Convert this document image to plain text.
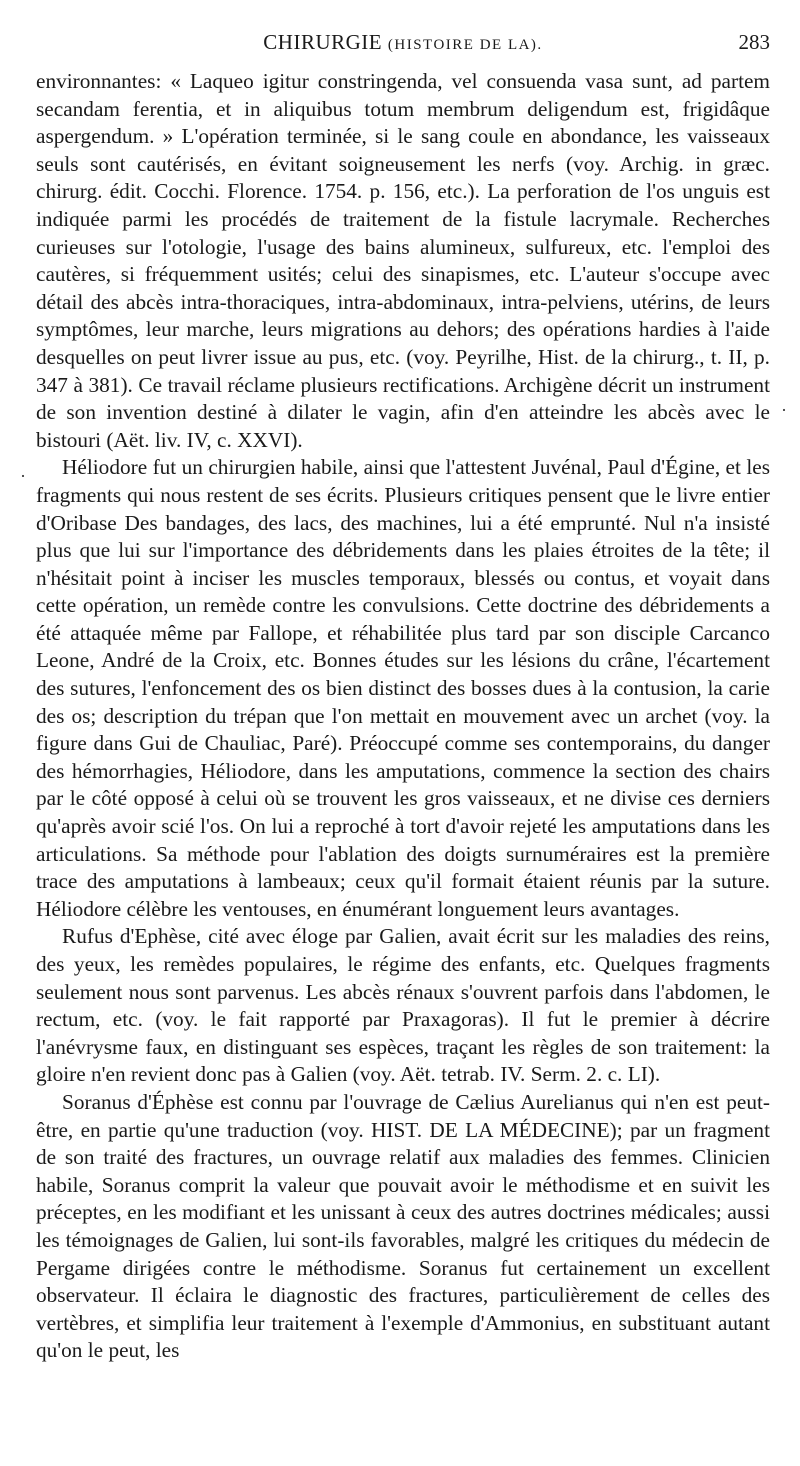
CHIRURGIE (HISTOIRE DE LA).	283

environnantes: « Laqueo igitur constringenda, vel consuenda vasa sunt, ad partem secandam ferentia, et in aliquibus totum membrum deligendum est, frigidâque aspergendum. » L'opération terminée, si le sang coule en abondance, les vaisseaux seuls sont cautérisés, en évitant soigneusement les nerfs (voy. Archig. in græc. chirurg. édit. Cocchi. Florence. 1754. p. 156, etc.). La perforation de l'os unguis est indiquée parmi les procédés de traitement de la fistule lacrymale. Recherches curieuses sur l'otologie, l'usage des bains alumineux, sulfureux, etc. l'emploi des cautères, si fréquemment usités; celui des sinapismes, etc. L'auteur s'occupe avec détail des abcès intra-thoraciques, intra-abdominaux, intra-pelviens, utérins, de leurs symptômes, leur marche, leurs migrations au dehors; des opérations hardies à l'aide desquelles on peut livrer issue au pus, etc. (voy. Peyrilhe, Hist. de la chirurg., t. II, p. 347 à 381). Ce travail réclame plusieurs rectifications. Archigène décrit un instrument de son invention destiné à dilater le vagin, afin d'en atteindre les abcès avec le bistouri (Aët. liv. IV, c. XXVI).

Héliodore fut un chirurgien habile, ainsi que l'attestent Juvénal, Paul d'Égine, et les fragments qui nous restent de ses écrits. Plusieurs critiques pensent que le livre entier d'Oribase Des bandages, des lacs, des machines, lui a été emprunté. Nul n'a insisté plus que lui sur l'importance des débridements dans les plaies étroites de la tête; il n'hésitait point à inciser les muscles temporaux, blessés ou contus, et voyait dans cette opération, un remède contre les convulsions. Cette doctrine des débridements a été attaquée même par Fallope, et réhabilitée plus tard par son disciple Carcanco Leone, André de la Croix, etc. Bonnes études sur les lésions du crâne, l'écartement des sutures, l'enfoncement des os bien distinct des bosses dues à la contusion, la carie des os; description du trépan que l'on mettait en mouvement avec un archet (voy. la figure dans Gui de Chauliac, Paré). Préoccupé comme ses contemporains, du danger des hémorrhagies, Héliodore, dans les amputations, commence la section des chairs par le côté opposé à celui où se trouvent les gros vaisseaux, et ne divise ces derniers qu'après avoir scié l'os. On lui a reproché à tort d'avoir rejeté les amputations dans les articulations. Sa méthode pour l'ablation des doigts surnuméraires est la première trace des amputations à lambeaux; ceux qu'il formait étaient réunis par la suture. Héliodore célèbre les ventouses, en énumérant longuement leurs avantages.

Rufus d'Ephèse, cité avec éloge par Galien, avait écrit sur les maladies des reins, des yeux, les remèdes populaires, le régime des enfants, etc. Quelques fragments seulement nous sont parvenus. Les abcès rénaux s'ouvrent parfois dans l'abdomen, le rectum, etc. (voy. le fait rapporté par Praxagoras). Il fut le premier à décrire l'anévrysme faux, en distinguant ses espèces, traçant les règles de son traitement: la gloire n'en revient donc pas à Galien (voy. Aët. tetrab. IV. Serm. 2. c. LI).

Soranus d'Éphèse est connu par l'ouvrage de Cælius Aurelianus qui n'en est peut-être, en partie qu'une traduction (voy. HIST. DE LA MÉDECINE); par un fragment de son traité des fractures, un ouvrage relatif aux maladies des femmes. Clinicien habile, Soranus comprit la valeur que pouvait avoir le méthodisme et en suivit les préceptes, en les modifiant et les unissant à ceux des autres doctrines médicales; aussi les témoignages de Galien, lui sont-ils favorables, malgré les critiques du médecin de Pergame dirigées contre le méthodisme. Soranus fut certainement un excellent observateur. Il éclaira le diagnostic des fractures, particulièrement de celles des vertèbres, et simplifia leur traitement à l'exemple d'Ammonius, en substituant autant qu'on le peut, les

·
·
